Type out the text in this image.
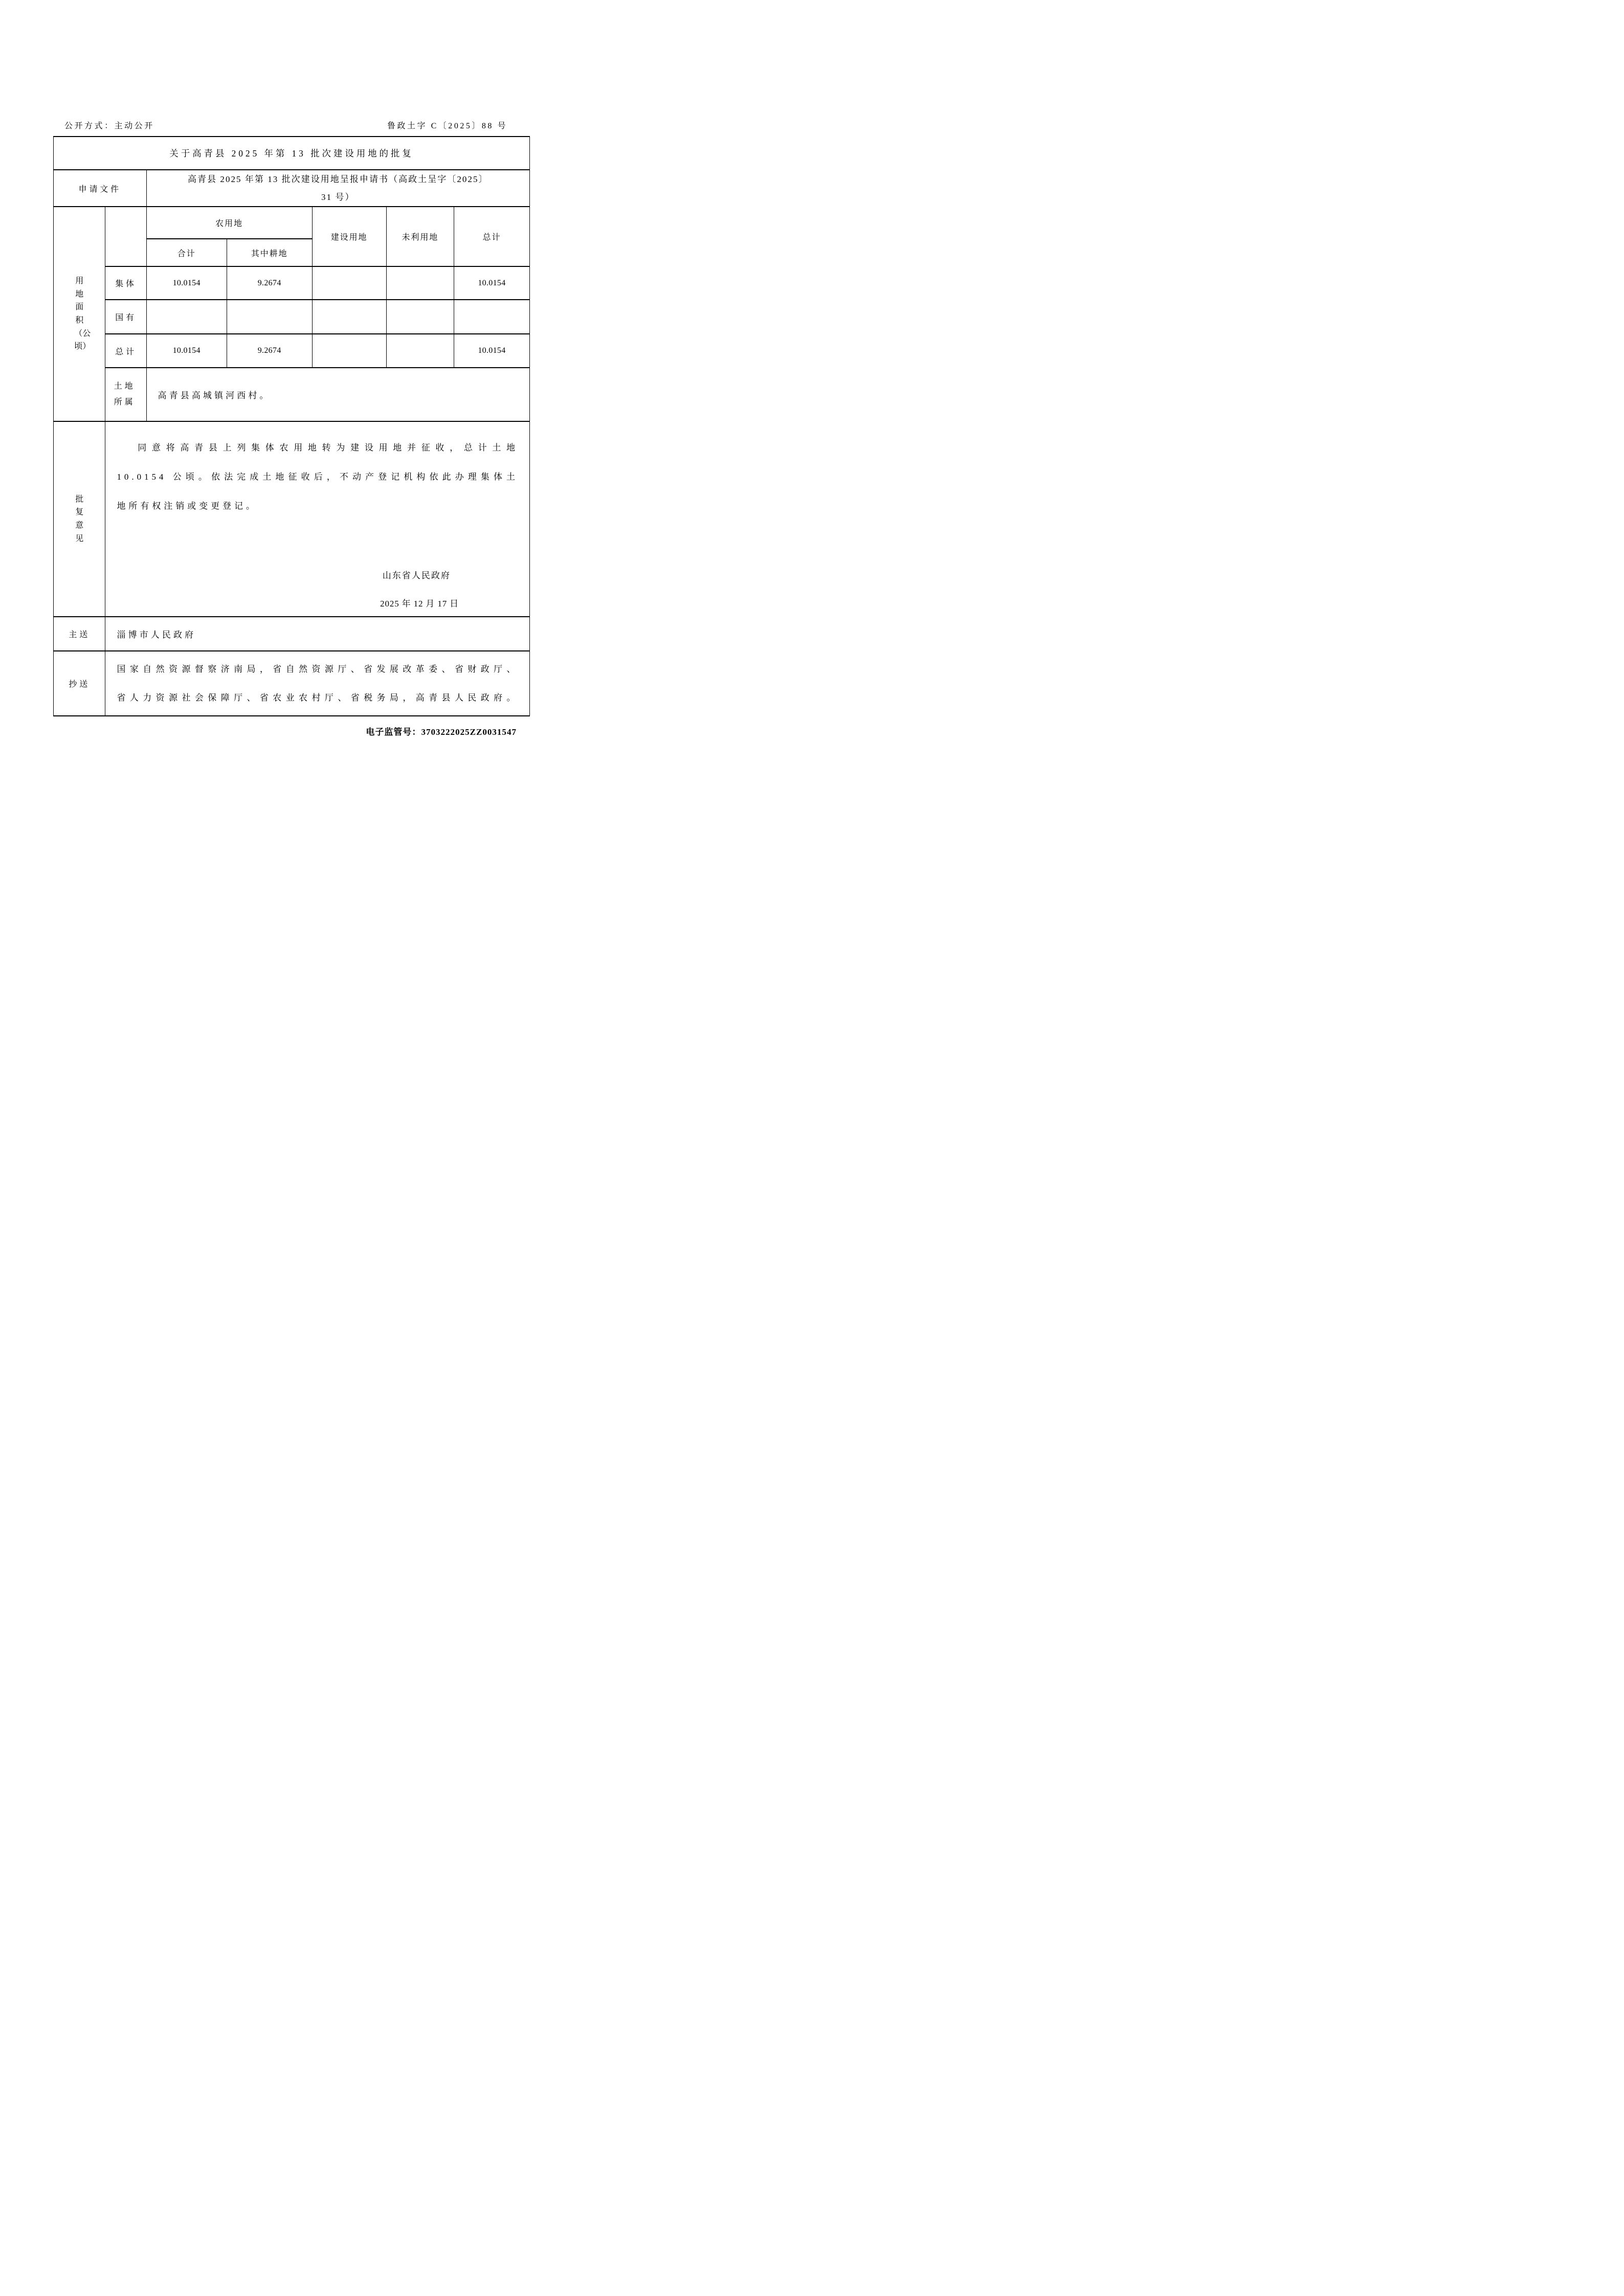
公开方式：主动公开	鲁政土字 C〔2025〕88 号
关于高青县 2025 年第 13 批次建设用地的批复						
申请文件		高青县 2025 年第 13 批次建设用地呈报申请书（高政土呈字〔2025〕
31 号）				

用地面积（公顷）		农用地		建设用地	未利用地	总计
		合计	其中耕地			
	集体	10.0154	9.2674			10.0154
	国有					
	总计	10.0154	9.2674			10.0154

	土地所属	高青县高城镇河西村。				

批复意见	同意将高青县上列集体农用地转为建设用地并征收，总计土地
10.0154 公顷。依法完成土地征收后，不动产登记机构依此办理集体土
地所有权注销或变更登记。
山东省人民政府
2025 年 12 月 17 日					

主送	淄博市人民政府					
抄送	国家自然资源督察济南局，省自然资源厅、省发展改革委、省财政厅、
省人力资源社会保障厅、省农业农村厅、省税务局，高青县人民政府。					
电子监管号：3703222025ZZ0031547
